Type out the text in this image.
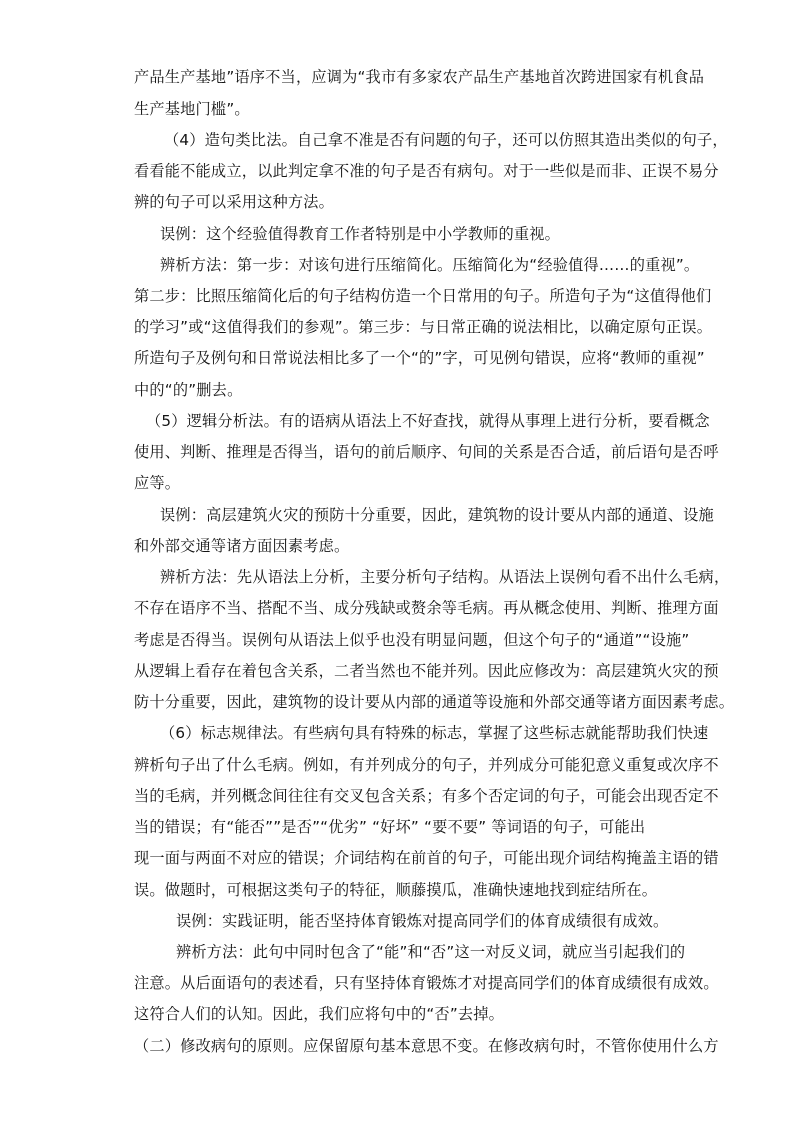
产品生产基地”语序不当，应调为“我市有多家农产品生产基地首次跨进国家有机食品
生产基地门槛”。
（4）造句类比法。自己拿不准是否有问题的句子，还可以仿照其造出类似的句子，
看看能不能成立，以此判定拿不准的句子是否有病句。对于一些似是而非、正误不易分
辨的句子可以采用这种方法。
误例：这个经验值得教育工作者特别是中小学教师的重视。
辨析方法：第一步：对该句进行压缩简化。压缩简化为“经验值得……的重视”。
第二步：比照压缩简化后的句子结构仿造一个日常用的句子。所造句子为“这值得他们
的学习”或“这值得我们的参观”。第三步：与日常正确的说法相比，以确定原句正误。
所造句子及例句和日常说法相比多了一个“的”字，可见例句错误，应将“教师的重视”
中的“的”删去。
（5）逻辑分析法。有的语病从语法上不好查找，就得从事理上进行分析，要看概念
使用、判断、推理是否得当，语句的前后顺序、句间的关系是否合适，前后语句是否呼
应等。
误例：高层建筑火灾的预防十分重要，因此，建筑物的设计要从内部的通道、设施
和外部交通等诸方面因素考虑。
辨析方法：先从语法上分析，主要分析句子结构。从语法上误例句看不出什么毛病，
不存在语序不当、搭配不当、成分残缺或赘余等毛病。再从概念使用、判断、推理方面
考虑是否得当。误例句从语法上似乎也没有明显问题，但这个句子的“通道”“设施”
从逻辑上看存在着包含关系，二者当然也不能并列。因此应修改为：高层建筑火灾的预
防十分重要，因此，建筑物的设计要从内部的通道等设施和外部交通等诸方面因素考虑。
（6）标志规律法。有些病句具有特殊的标志，掌握了这些标志就能帮助我们快速
辨析句子出了什么毛病。例如，有并列成分的句子，并列成分可能犯意义重复或次序不
当的毛病，并列概念间往往有交叉包含关系；有多个否定词的句子，可能会出现否定不
当的错误；有“能否””是否”“优劣” “好坏” “要不要” 等词语的句子，可能出
现一面与两面不对应的错误；介词结构在前首的句子，可能出现介词结构掩盖主语的错
误。做题时，可根据这类句子的特征，顺藤摸瓜，准确快速地找到症结所在。
误例：实践证明，能否坚持体育锻炼对提高同学们的体育成绩很有成效。
辨析方法：此句中同时包含了“能”和“否”这一对反义词，就应当引起我们的
注意。从后面语句的表述看，只有坚持体育锻炼才对提高同学们的体育成绩很有成效。
这符合人们的认知。因此，我们应将句中的“否”去掉。
（二）修改病句的原则。应保留原句基本意思不变。在修改病句时，不管你使用什么方
